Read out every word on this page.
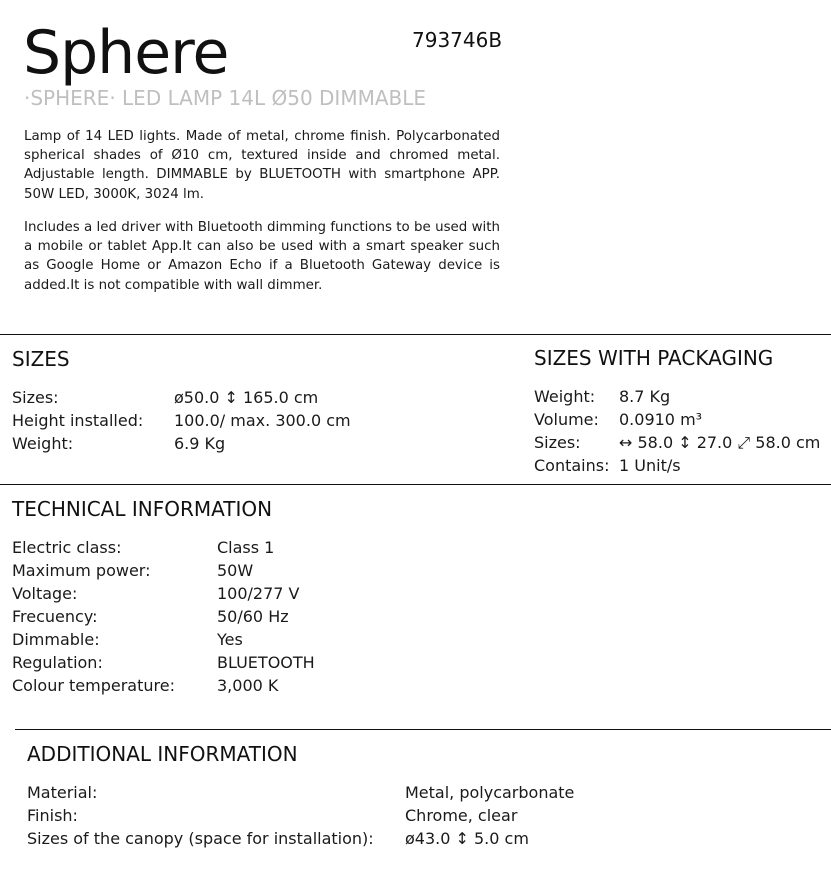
Sphere	793746B
·SPHERE· LED LAMP 14L Ø50 DIMMABLE
Lamp of 14 LED lights. Made of metal, chrome finish. Polycarbonated spherical shades of Ø10 cm, textured inside and chromed metal. Adjustable length. DIMMABLE by BLUETOOTH with smartphone APP. 50W LED, 3000K, 3024 lm.
Includes a led driver with Bluetooth dimming functions to be used with a mobile or tablet App.It can also be used with a smart speaker such as Google Home or Amazon Echo if a Bluetooth Gateway device is added.It is not compatible with wall dimmer.
SIZES
Sizes:	ø50.0 ↕ 165.0 cm
Height installed: 100.0/ max. 300.0 cm
Weight:	6.9 Kg
SIZES WITH PACKAGING
Weight: 8.7 Kg
Volume: 0.0910 m³
Sizes: ↔ 58.0 ↕ 27.0 ⤢ 58.0 cm
Contains: 1 Unit/s
TECHNICAL INFORMATION
Electric class:	Class 1
Maximum power:	50W
Voltage:	100/277 V
Frecuency:	50/60 Hz
Dimmable:	Yes
Regulation:	BLUETOOTH
Colour temperature:	3,000 K
ADDITIONAL INFORMATION
Material:	Metal, polycarbonate
Finish:	Chrome, clear
Sizes of the canopy (space for installation): ø43.0 ↕ 5.0 cm
